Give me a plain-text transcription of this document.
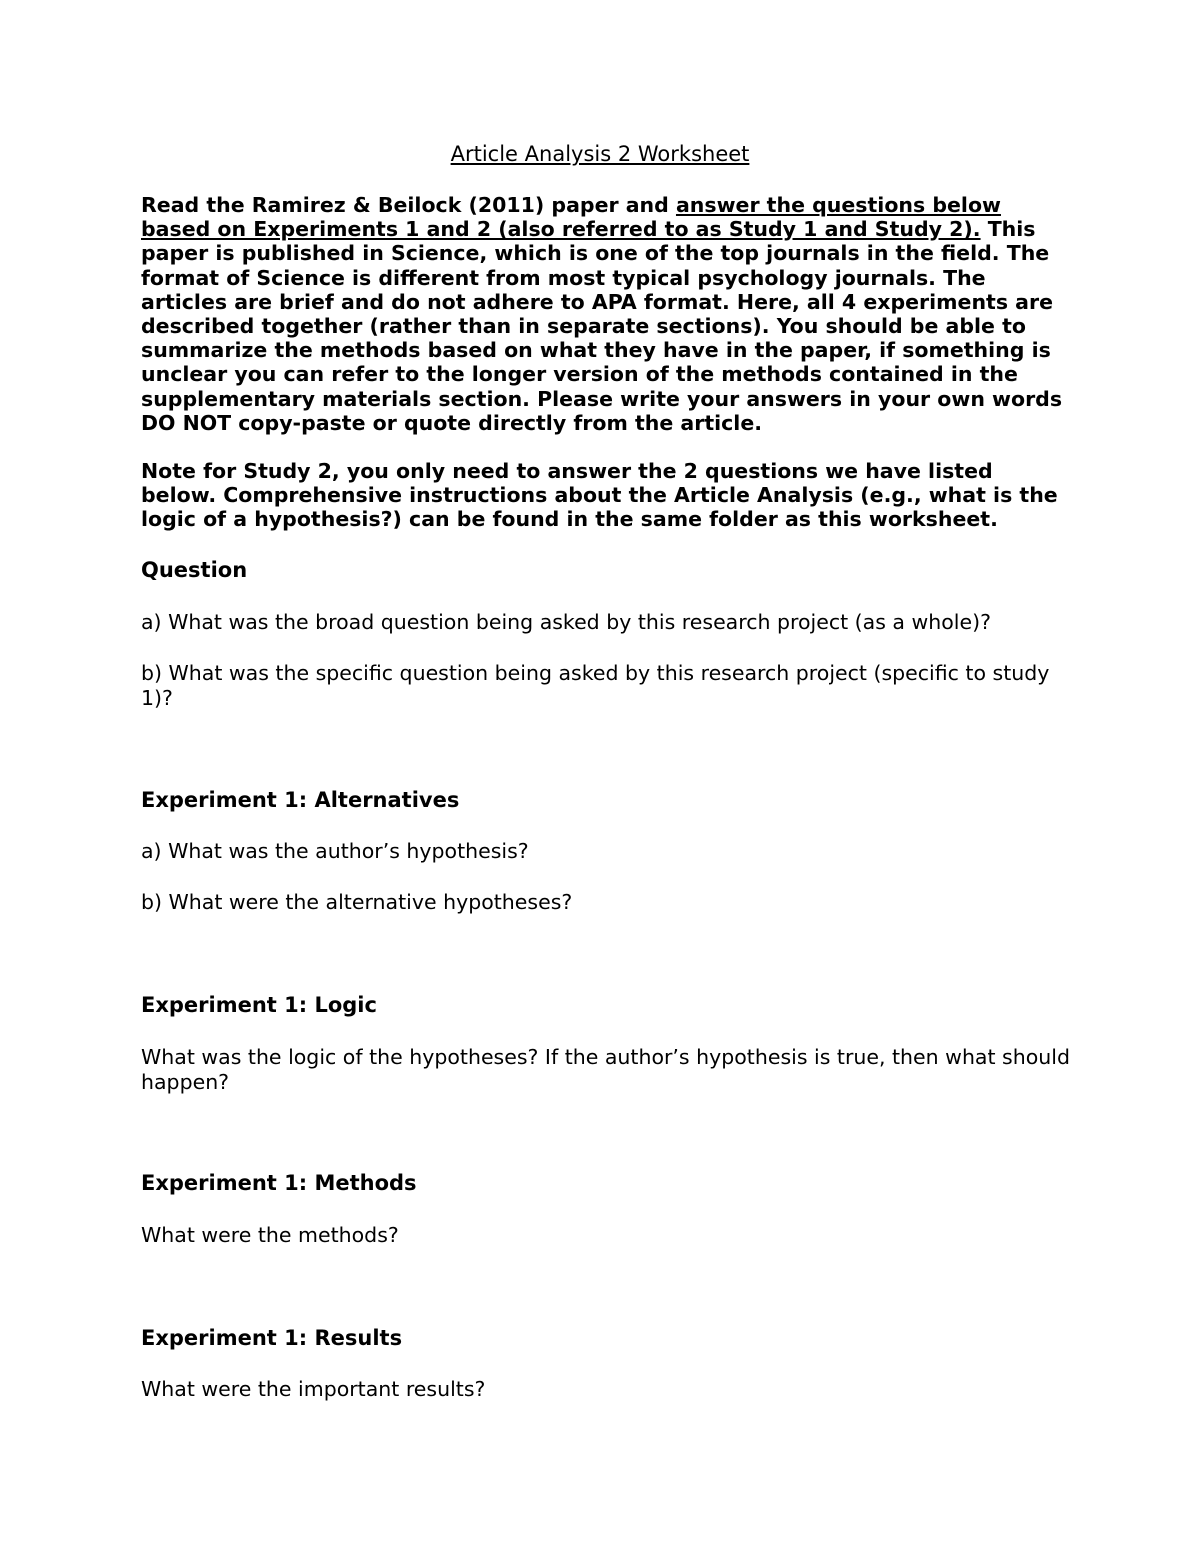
Article Analysis 2 Worksheet

Read the Ramirez & Beilock (2011) paper and answer the questions below based on Experiments 1 and 2 (also referred to as Study 1 and Study 2). This paper is published in Science, which is one of the top journals in the field. The format of Science is different from most typical psychology journals. The articles are brief and do not adhere to APA format. Here, all 4 experiments are described together (rather than in separate sections). You should be able to summarize the methods based on what they have in the paper, if something is unclear you can refer to the longer version of the methods contained in the supplementary materials section. Please write your answers in your own words DO NOT copy-paste or quote directly from the article.

Note for Study 2, you only need to answer the 2 questions we have listed below. Comprehensive instructions about the Article Analysis (e.g., what is the logic of a hypothesis?) can be found in the same folder as this worksheet.

Question

a) What was the broad question being asked by this research project (as a whole)?

b) What was the specific question being asked by this research project (specific to study 1)?

Experiment 1: Alternatives

a) What was the author’s hypothesis?

b) What were the alternative hypotheses?

Experiment 1: Logic

What was the logic of the hypotheses? If the author’s hypothesis is true, then what should happen?

Experiment 1: Methods

What were the methods?

Experiment 1: Results

What were the important results?
